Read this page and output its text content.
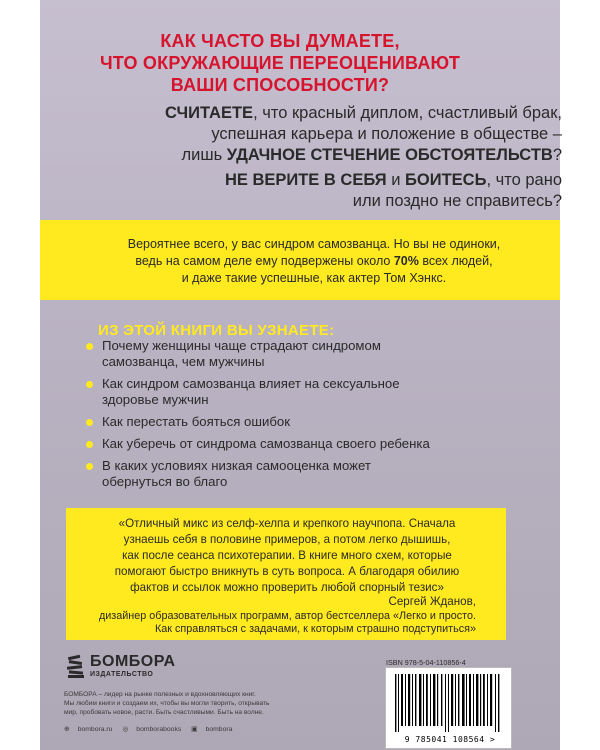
КАК ЧАСТО ВЫ ДУМАЕТЕ,
ЧТО ОКРУЖАЮЩИЕ ПЕРЕОЦЕНИВАЮТ
ВАШИ СПОСОБНОСТИ?
СЧИТАЕТЕ, что красный диплом, счастливый брак,
успешная карьера и положение в обществе –
лишь УДАЧНОЕ СТЕЧЕНИЕ ОБСТОЯТЕЛЬСТВ?
НЕ ВЕРИТЕ В СЕБЯ и БОИТЕСЬ, что рано
или поздно не справитесь?
Вероятнее всего, у вас синдром самозванца. Но вы не одиноки,
ведь на самом деле ему подвержены около 70% всех людей,
и даже такие успешные, как актер Том Хэнкс.
ИЗ ЭТОЙ КНИГИ ВЫ УЗНАЕТЕ:
Почему женщины чаще страдают синдромом
самозванца, чем мужчины
Как синдром самозванца влияет на сексуальное
здоровье мужчин
Как перестать бояться ошибок
Как уберечь от синдрома самозванца своего ребенка
В каких условиях низкая самооценка может
обернуться во благо
«Отличный микс из селф-хелпа и крепкого научпопа. Сначала
узнаешь себя в половине примеров, а потом легко дышишь,
как после сеанса психотерапии. В книге много схем, которые
помогают быстро вникнуть в суть вопроса. А благодаря обилию
фактов и ссылок можно проверить любой спорный тезис»
Сергей Жданов,
дизайнер образовательных программ, автор бестселлера «Легко и просто.
Как справляться с задачами, к которым страшно подступиться»
БОМБОРА
ИЗДАТЕЛЬСТВО
БОМБОРА – лидер на рынке полезных и вдохновляющих книг.
Мы любим книги и создаем их, чтобы вы могли творить, открывать
мир, пробовать новое, расти. Быть счастливыми. Быть на волне.
⊕ bombora.ru ◎ bomborabooks ▣ bombora
ISBN 978-5-04-110856-4
9 785041 108564 >
